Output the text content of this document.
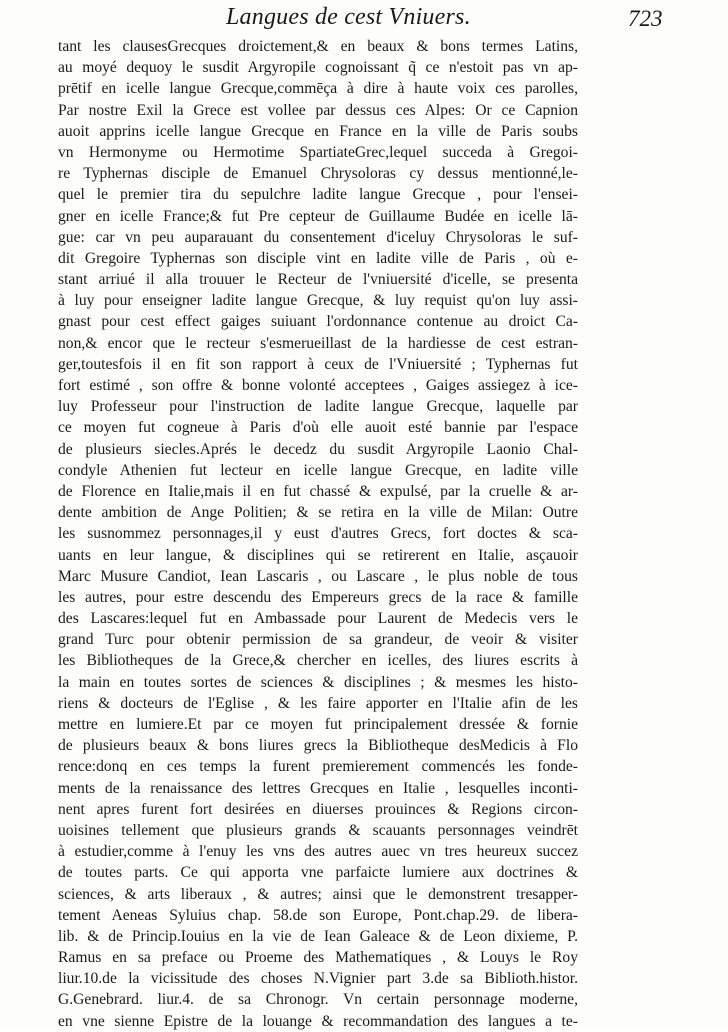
Langues de cest Vniuers.	723
tant les clausesGrecques droictement,& en beaux & bons termes Latins,
au moyé dequoy le susdit Argyropile cognoissant q̃ ce n'estoit pas vn ap-
prētif en icelle langue Grecque,commēça à dire à haute voix ces parolles,
Par nostre Exil la Grece est vollee par dessus ces Alpes: Or ce Capnion
auoit apprins icelle langue Grecque en France en la ville de Paris soubs
vn Hermonyme ou Hermotime SpartiateGrec,lequel succeda à Gregoi-
re Typhernas disciple de Emanuel Chrysoloras cy dessus mentionné,le-
quel le premier tira du sepulchre ladite langue Grecque , pour l'ensei-
gner en icelle France;& fut Pre cepteur de Guillaume Budée en icelle lā-
gue: car vn peu auparauant du consentement d'iceluy Chrysoloras le suf-
dit Gregoire Typhernas son disciple vint en ladite ville de Paris , où e-
stant arriué il alla trouuer le Recteur de l'vniuersité d'icelle, se presenta
à luy pour enseigner ladite langue Grecque, & luy requist qu'on luy assi-
gnast pour cest effect gaiges suiuant l'ordonnance contenue au droict Ca-
non,& encor que le recteur s'esmerueillast de la hardiesse de cest estran-
ger,toutesfois il en fit son rapport à ceux de l'Vniuersité ; Typhernas fut
fort estimé , son offre & bonne volonté acceptees , Gaiges assiegez à ice-
luy Professeur pour l'instruction de ladite langue Grecque, laquelle par
ce moyen fut cogneue à Paris d'où elle auoit esté bannie par l'espace
de plusieurs siecles.Aprés le decedz du susdit Argyropile Laonio Chal-
condyle Athenien fut lecteur en icelle langue Grecque, en ladite ville
de Florence en Italie,mais il en fut chassé & expulsé, par la cruelle & ar-
dente ambition de Ange Politien; & se retira en la ville de Milan: Outre
les susnommez personnages,il y eust d'autres Grecs, fort doctes & sca-
uants en leur langue, & disciplines qui se retirerent en Italie, asçauoir
Marc Musure Candiot, Iean Lascaris , ou Lascare , le plus noble de tous
les autres, pour estre descendu des Empereurs grecs de la race & famille
des Lascares:lequel fut en Ambassade pour Laurent de Medecis vers le
grand Turc pour obtenir permission de sa grandeur, de veoir & visiter
les Bibliotheques de la Grece,& chercher en icelles, des liures escrits à
la main en toutes sortes de sciences & disciplines ; & mesmes les histo-
riens & docteurs de l'Eglise , & les faire apporter en l'Italie afin de les
mettre en lumiere.Et par ce moyen fut principalement dressée & fornie
de plusieurs beaux & bons liures grecs la Bibliotheque desMedicis à Flo
rence:donq en ces temps la furent premierement commencés les fonde-
ments de la renaissance des lettres Grecques en Italie , lesquelles inconti-
nent apres furent fort desirées en diuerses prouinces & Regions circon-
uoisines tellement que plusieurs grands & scauants personnages veindrēt
à estudier,comme à l'enuy les vns des autres auec vn tres heureux succez
de toutes parts. Ce qui apporta vne parfaicte lumiere aux doctrines &
sciences, & arts liberaux , & autres; ainsi que le demonstrent tresapper-
tement Aeneas Syluius chap. 58.de son Europe, Pont.chap.29. de libera-
lib. & de Princip.Iouius en la vie de Iean Galeace & de Leon dixieme, P.
Ramus en sa preface ou Proeme des Mathematiques , & Louys le Roy
liur.10.de la vicissitude des choses N.Vignier part 3.de sa Biblioth.histor.
G.Genebrard. liur.4. de sa Chronogr. Vn certain personnage moderne,
en vne sienne Epistre de la louange & recommandation des langues a te-
